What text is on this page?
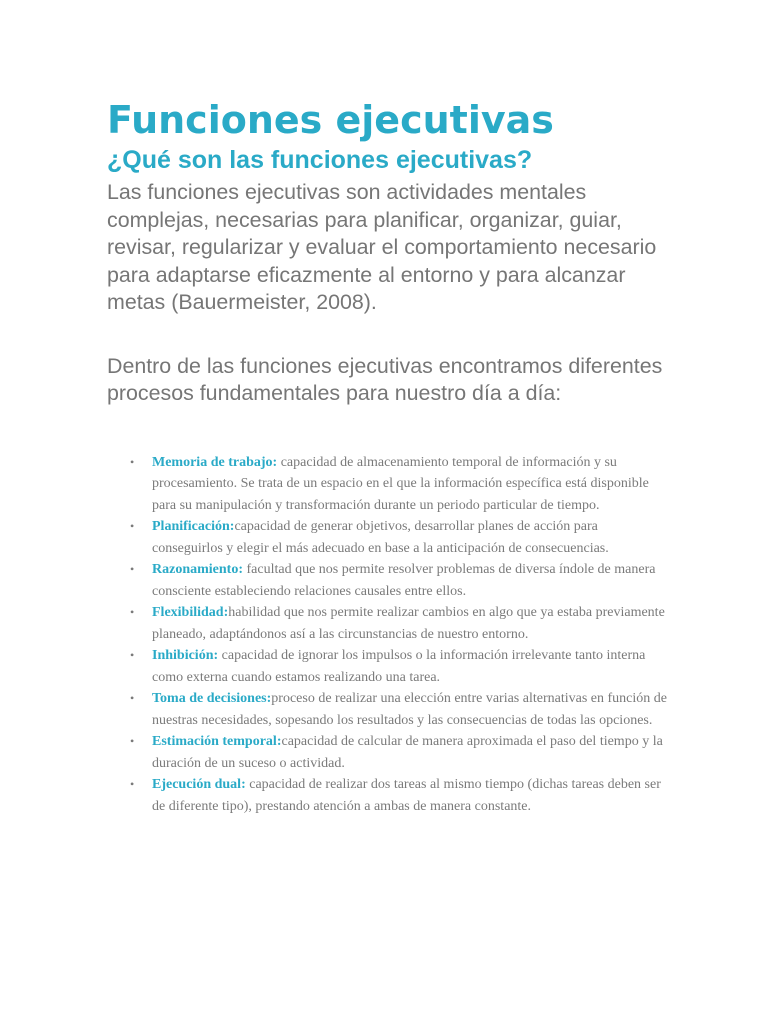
Funciones ejecutivas
¿Qué son las funciones ejecutivas?

Las funciones ejecutivas son actividades mentales complejas, necesarias para planificar, organizar, guiar, revisar, regularizar y evaluar el comportamiento necesario para adaptarse eficazmente al entorno y para alcanzar metas (Bauermeister, 2008).

Dentro de las funciones ejecutivas encontramos diferentes procesos fundamentales para nuestro día a día:

• Memoria de trabajo: capacidad de almacenamiento temporal de información y su procesamiento. Se trata de un espacio en el que la información específica está disponible para su manipulación y transformación durante un periodo particular de tiempo.
• Planificación:capacidad de generar objetivos, desarrollar planes de acción para conseguirlos y elegir el más adecuado en base a la anticipación de consecuencias.
• Razonamiento: facultad que nos permite resolver problemas de diversa índole de manera consciente estableciendo relaciones causales entre ellos.
• Flexibilidad:habilidad que nos permite realizar cambios en algo que ya estaba previamente planeado, adaptándonos así a las circunstancias de nuestro entorno.
• Inhibición: capacidad de ignorar los impulsos o la información irrelevante tanto interna como externa cuando estamos realizando una tarea.
• Toma de decisiones:proceso de realizar una elección entre varias alternativas en función de nuestras necesidades, sopesando los resultados y las consecuencias de todas las opciones.
• Estimación temporal:capacidad de calcular de manera aproximada el paso del tiempo y la duración de un suceso o actividad.
• Ejecución dual: capacidad de realizar dos tareas al mismo tiempo (dichas tareas deben ser de diferente tipo), prestando atención a ambas de manera constante.
